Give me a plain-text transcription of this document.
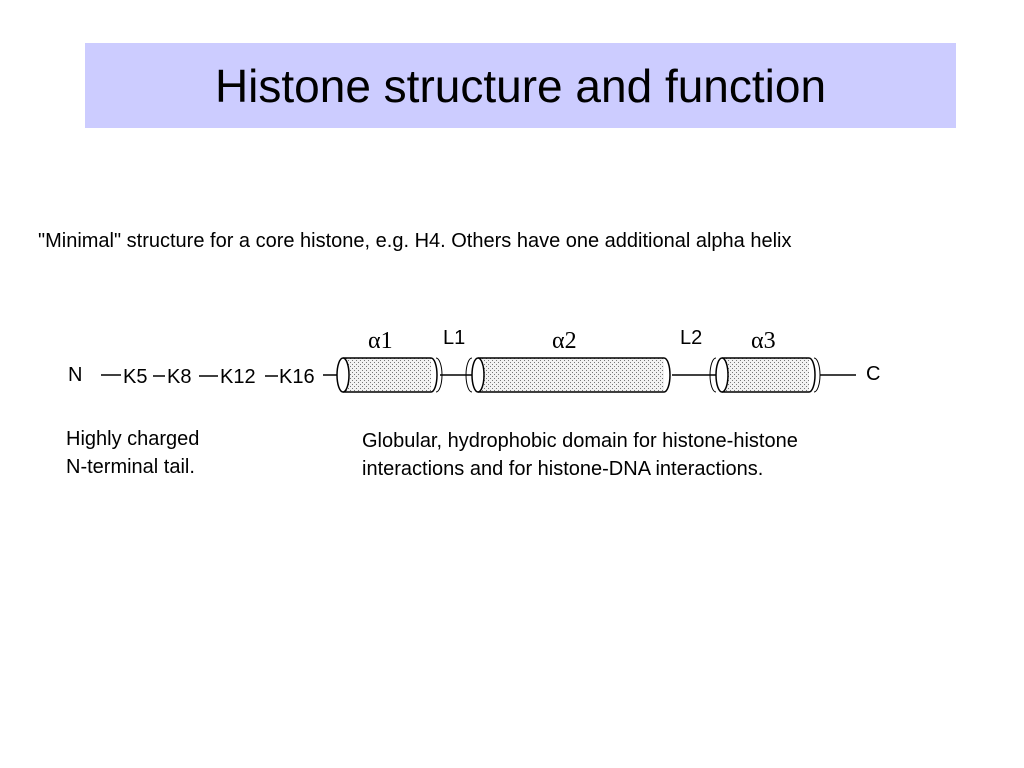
N K5 K8 K12 K16
α1	L1	α2	L2 α3
C
Histone structure and function
"Minimal" structure for a core histone, e.g. H4. Others have one additional alpha helix
Highly charged
N-terminal tail.
Globular, hydrophobic domain for histone-histone
interactions and for histone-DNA interactions.
